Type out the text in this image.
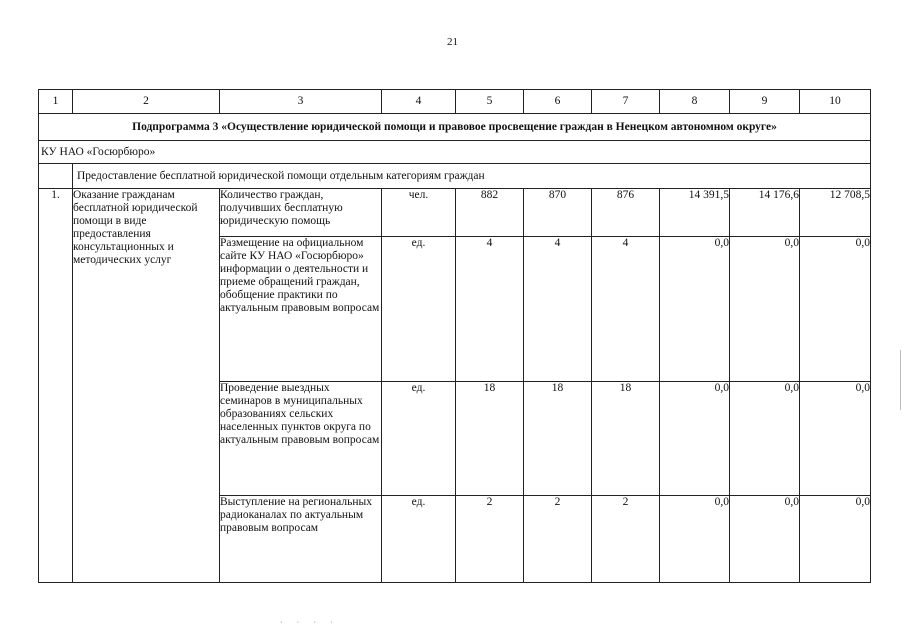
21
1	2	3	4	5	6	7	8	9	10
Подпрограмма 3 «Осуществление юридической помощи и правовое просвещение граждан в Ненецком автономном округе»									
КУ НАО «Госюрбюро»									
	Предоставление бесплатной юридической помощи отдельным категориям граждан								
1.	Оказание гражданам бесплатной юридической помощи в виде предоставления консультационных и методических услуг	Количество граждан, получивших бесплатную юридическую помощь	чел.	882	870	876	14 391,5	14 176,6	12 708,5
		Размещение на официальном сайте КУ НАО «Госюрбюро» информации о деятельности и приеме обращений граждан, обобщение практики по актуальным правовым вопросам	ед.	4	4	4	0,0	0,0	0,0
		Проведение выездных семинаров в муниципальных образованиях сельских населенных пунктов округа по актуальным правовым вопросам	ед.	18	18	18	0,0	0,0	0,0
		Выступление на региональных радиоканалах по актуальным правовым вопросам	ед.	2	2	2	0,0	0,0	0,0
· · · ·
